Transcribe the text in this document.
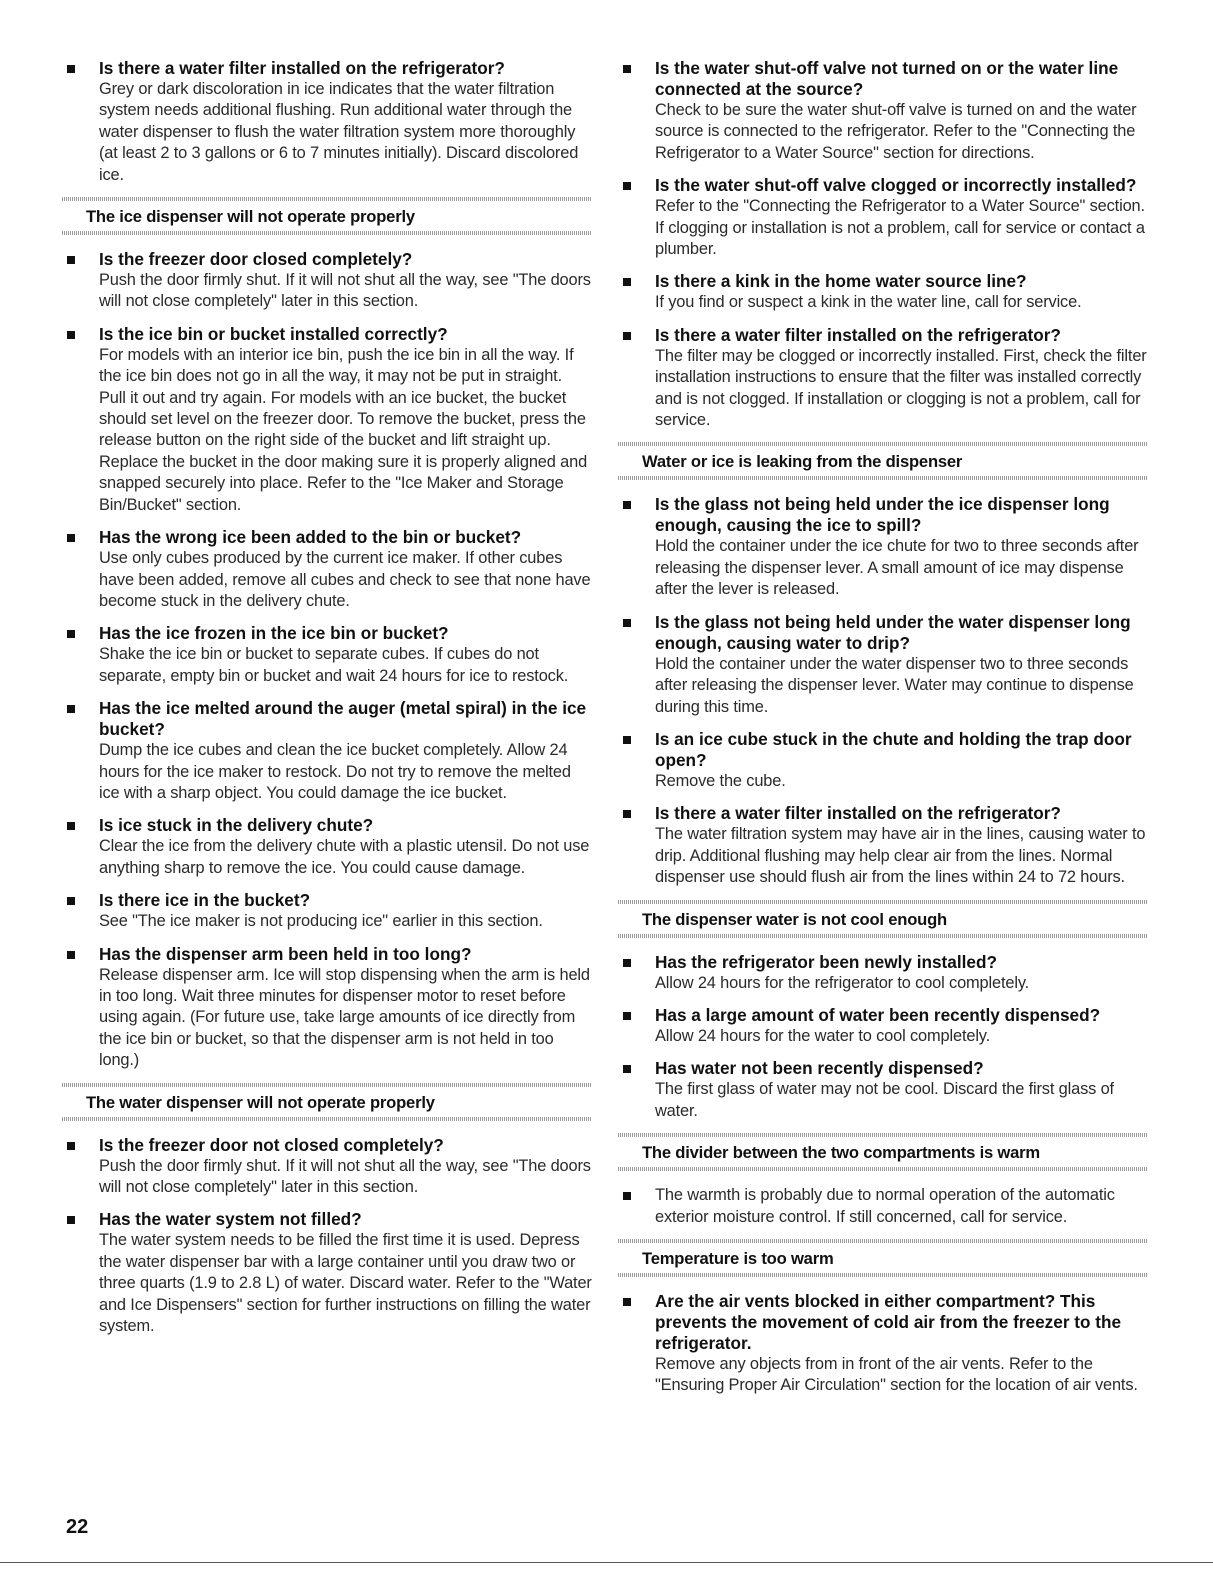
Is there a water filter installed on the refrigerator?

Grey or dark discoloration in ice indicates that the water filtration system needs additional flushing. Run additional water through the water dispenser to flush the water filtration system more thoroughly (at least 2 to 3 gallons or 6 to 7 minutes initially). Discard discolored ice.

The ice dispenser will not operate properly

Is the freezer door closed completely?

Push the door firmly shut. If it will not shut all the way, see "The doors will not close completely" later in this section.

Is the ice bin or bucket installed correctly?

For models with an interior ice bin, push the ice bin in all the way. If the ice bin does not go in all the way, it may not be put in straight. Pull it out and try again. For models with an ice bucket, the bucket should set level on the freezer door. To remove the bucket, press the release button on the right side of the bucket and lift straight up. Replace the bucket in the door making sure it is properly aligned and snapped securely into place. Refer to the "Ice Maker and Storage Bin/Bucket" section.

Has the wrong ice been added to the bin or bucket?

Use only cubes produced by the current ice maker. If other cubes have been added, remove all cubes and check to see that none have become stuck in the delivery chute.

Has the ice frozen in the ice bin or bucket?

Shake the ice bin or bucket to separate cubes. If cubes do not separate, empty bin or bucket and wait 24 hours for ice to restock.

Has the ice melted around the auger (metal spiral) in the ice bucket?

Dump the ice cubes and clean the ice bucket completely. Allow 24 hours for the ice maker to restock. Do not try to remove the melted ice with a sharp object. You could damage the ice bucket.

Is ice stuck in the delivery chute?

Clear the ice from the delivery chute with a plastic utensil. Do not use anything sharp to remove the ice. You could cause damage.

Is there ice in the bucket?

See "The ice maker is not producing ice" earlier in this section.

Has the dispenser arm been held in too long?

Release dispenser arm. Ice will stop dispensing when the arm is held in too long. Wait three minutes for dispenser motor to reset before using again. (For future use, take large amounts of ice directly from the ice bin or bucket, so that the dispenser arm is not held in too long.)

The water dispenser will not operate properly

Is the freezer door not closed completely?

Push the door firmly shut. If it will not shut all the way, see "The doors will not close completely" later in this section.

Has the water system not filled?

The water system needs to be filled the first time it is used. Depress the water dispenser bar with a large container until you draw two or three quarts (1.9 to 2.8 L) of water. Discard water. Refer to the "Water and Ice Dispensers" section for further instructions on filling the water system.

Is the water shut-off valve not turned on or the water line connected at the source?

Check to be sure the water shut-off valve is turned on and the water source is connected to the refrigerator. Refer to the "Connecting the Refrigerator to a Water Source" section for directions.

Is the water shut-off valve clogged or incorrectly installed?

Refer to the "Connecting the Refrigerator to a Water Source" section. If clogging or installation is not a problem, call for service or contact a plumber.

Is there a kink in the home water source line?

If you find or suspect a kink in the water line, call for service.

Is there a water filter installed on the refrigerator?

The filter may be clogged or incorrectly installed. First, check the filter installation instructions to ensure that the filter was installed correctly and is not clogged. If installation or clogging is not a problem, call for service.

Water or ice is leaking from the dispenser

Is the glass not being held under the ice dispenser long enough, causing the ice to spill?

Hold the container under the ice chute for two to three seconds after releasing the dispenser lever. A small amount of ice may dispense after the lever is released.

Is the glass not being held under the water dispenser long enough, causing water to drip?

Hold the container under the water dispenser two to three seconds after releasing the dispenser lever. Water may continue to dispense during this time.

Is an ice cube stuck in the chute and holding the trap door open?

Remove the cube.

Is there a water filter installed on the refrigerator?

The water filtration system may have air in the lines, causing water to drip. Additional flushing may help clear air from the lines. Normal dispenser use should flush air from the lines within 24 to 72 hours.

The dispenser water is not cool enough

Has the refrigerator been newly installed?

Allow 24 hours for the refrigerator to cool completely.

Has a large amount of water been recently dispensed?

Allow 24 hours for the water to cool completely.

Has water not been recently dispensed?

The first glass of water may not be cool. Discard the first glass of water.

The divider between the two compartments is warm

The warmth is probably due to normal operation of the automatic exterior moisture control. If still concerned, call for service.

Temperature is too warm

Are the air vents blocked in either compartment? This prevents the movement of cold air from the freezer to the refrigerator.

Remove any objects from in front of the air vents. Refer to the "Ensuring Proper Air Circulation" section for the location of air vents.

22
